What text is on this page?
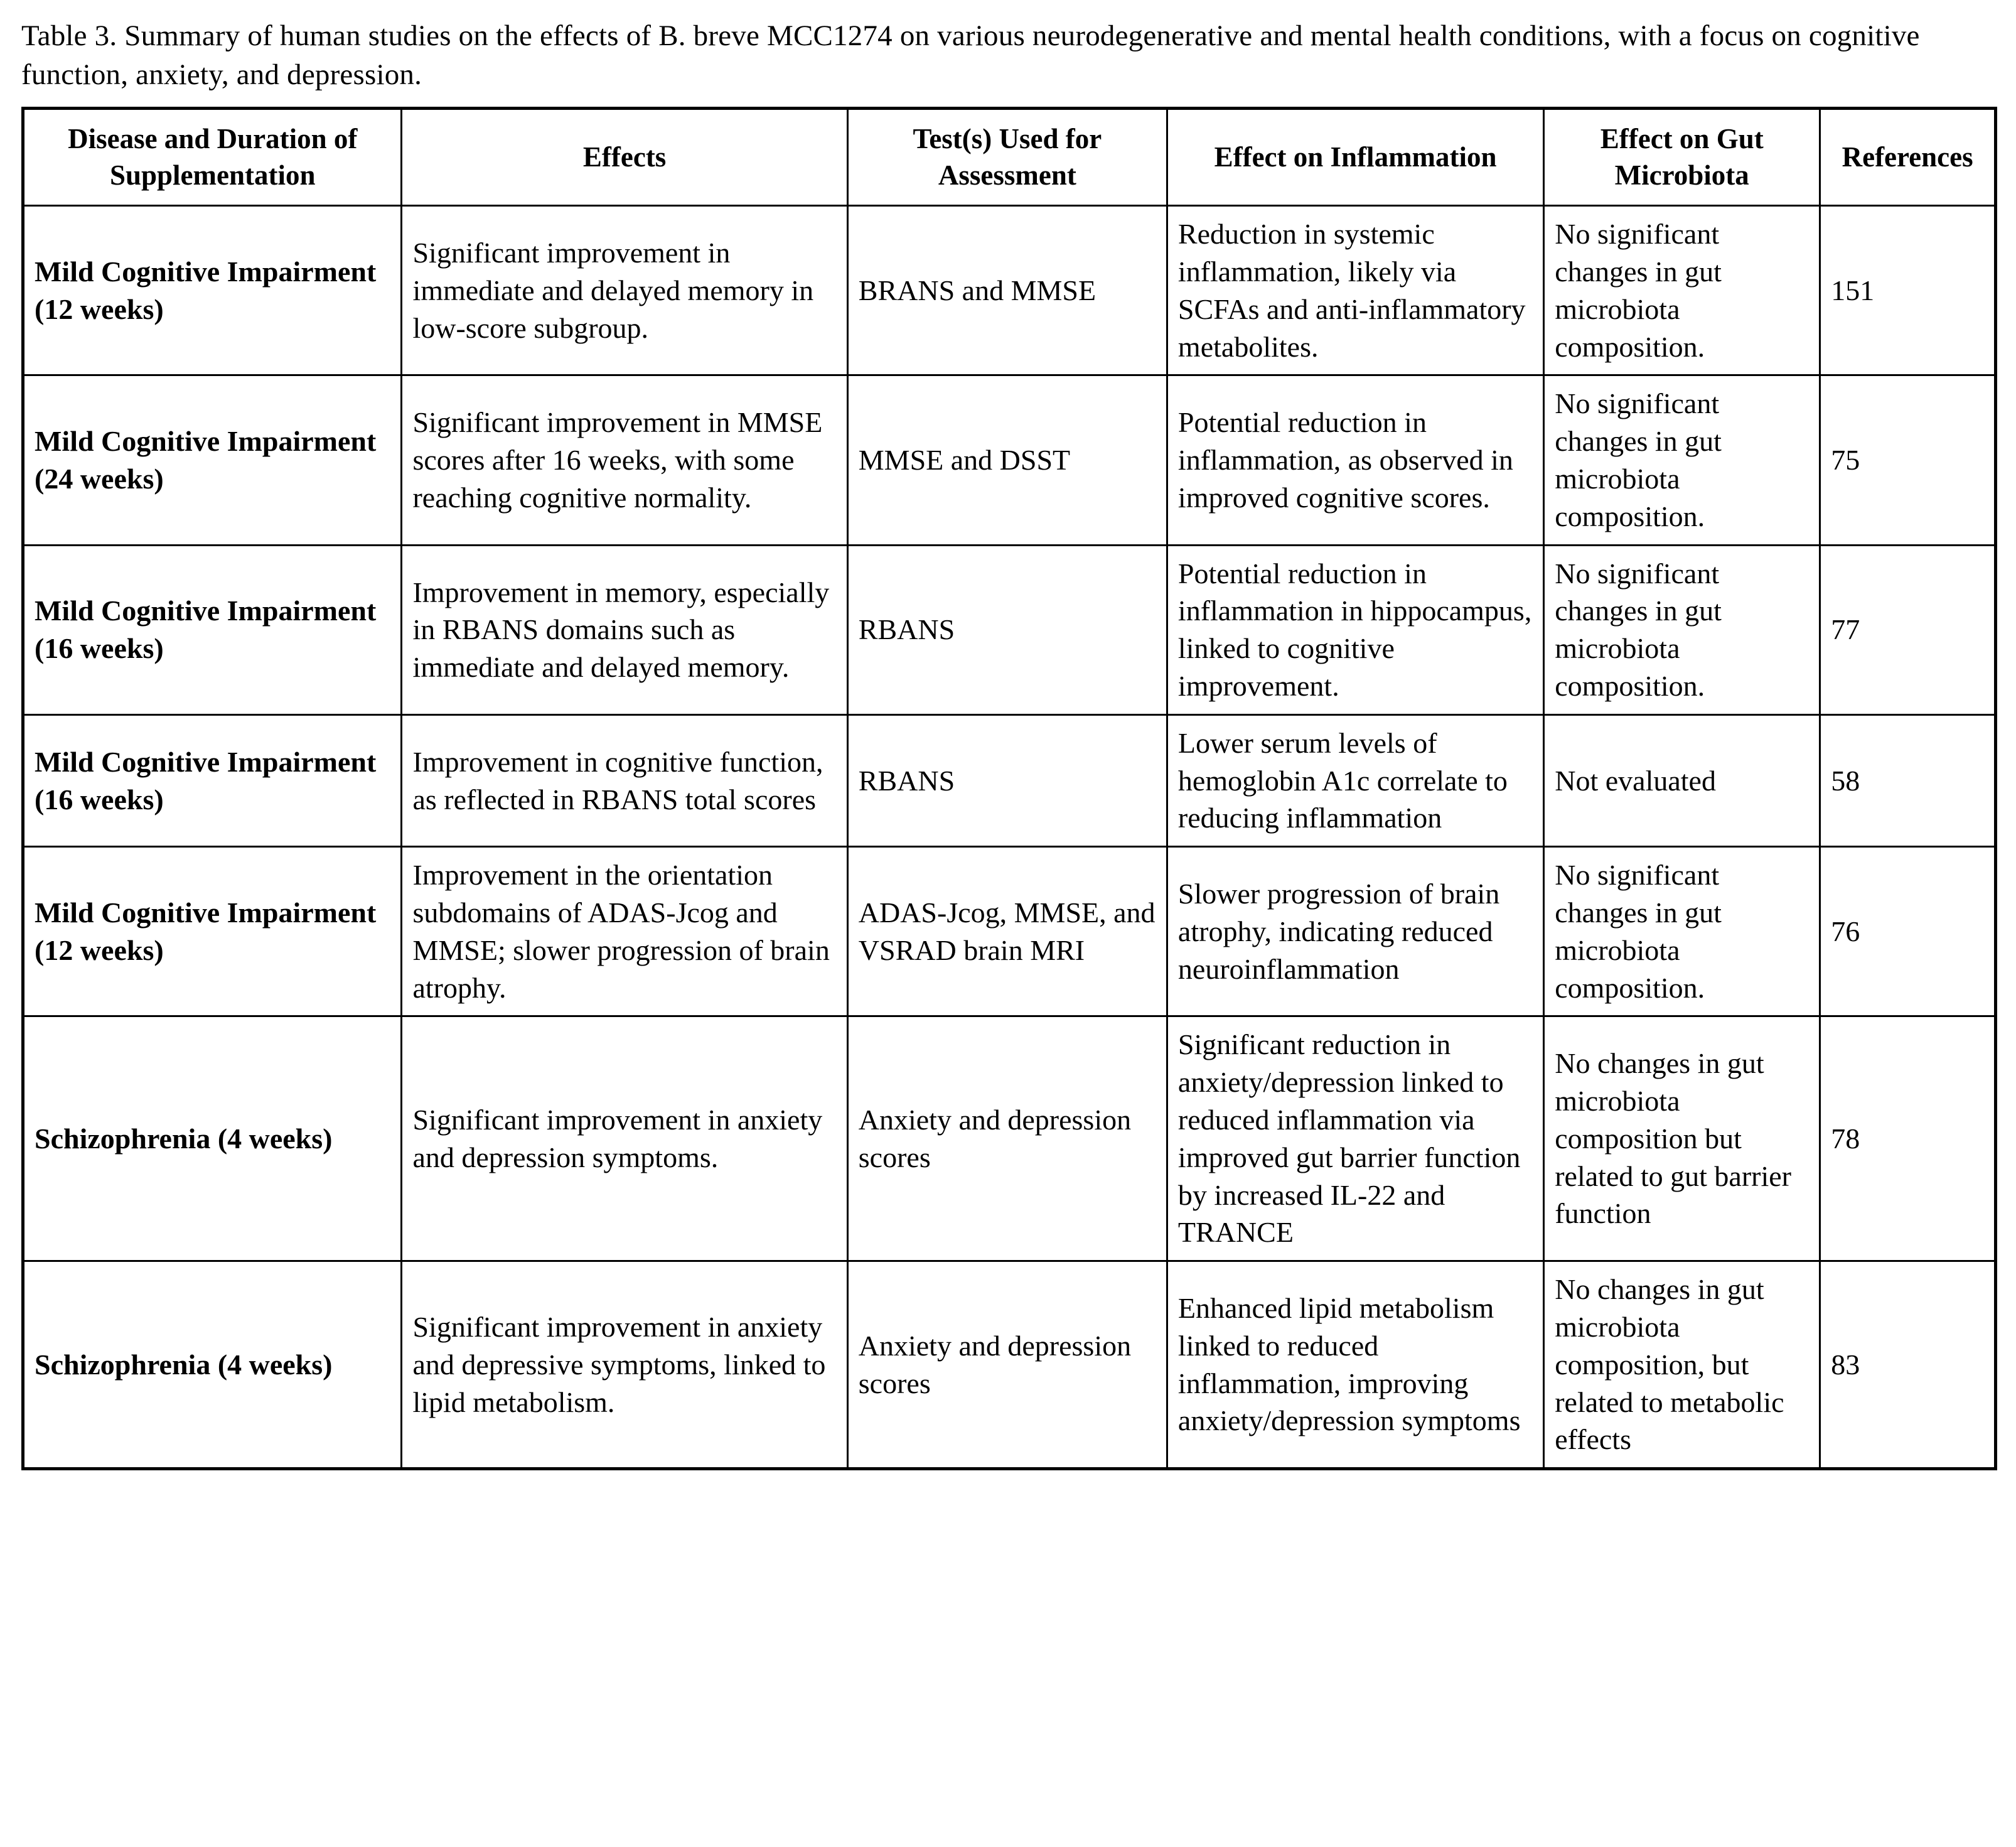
Table 3. Summary of human studies on the effects of B. breve MCC1274 on various neurodegenerative and mental health conditions, with a focus on cognitive function, anxiety, and depression.

Disease and Duration of Supplementation	Effects	Test(s) Used for Assessment	Effect on Inflammation	Effect on Gut Microbiota	References
Mild Cognitive Impairment (12 weeks)	Significant improvement in immediate and delayed memory in low-score subgroup.	BRANS and MMSE	Reduction in systemic inflammation, likely via SCFAs and anti-inflammatory metabolites.	No significant changes in gut microbiota composition.	151
Mild Cognitive Impairment (24 weeks)	Significant improvement in MMSE scores after 16 weeks, with some reaching cognitive normality.	MMSE and DSST	Potential reduction in inflammation, as observed in improved cognitive scores.	No significant changes in gut microbiota composition.	75
Mild Cognitive Impairment (16 weeks)	Improvement in memory, especially in RBANS domains such as immediate and delayed memory.	RBANS	Potential reduction in inflammation in hippocampus, linked to cognitive improvement.	No significant changes in gut microbiota composition.	77
Mild Cognitive Impairment (16 weeks)	Improvement in cognitive function, as reflected in RBANS total scores	RBANS	Lower serum levels of hemoglobin A1c correlate to reducing inflammation	Not evaluated	58
Mild Cognitive Impairment (12 weeks)	Improvement in the orientation subdomains of ADAS-Jcog and MMSE; slower progression of brain atrophy.	ADAS-Jcog, MMSE, and VSRAD brain MRI	Slower progression of brain atrophy, indicating reduced neuroinflammation	No significant changes in gut microbiota composition.	76
Schizophrenia (4 weeks)	Significant improvement in anxiety and depression symptoms.	Anxiety and depression scores	Significant reduction in anxiety/depression linked to reduced inflammation via improved gut barrier function by increased IL-22 and TRANCE	No changes in gut microbiota composition but related to gut barrier function	78
Schizophrenia (4 weeks)	Significant improvement in anxiety and depressive symptoms, linked to lipid metabolism.	Anxiety and depression scores	Enhanced lipid metabolism linked to reduced inflammation, improving anxiety/depression symptoms	No changes in gut microbiota composition, but related to metabolic effects	83
